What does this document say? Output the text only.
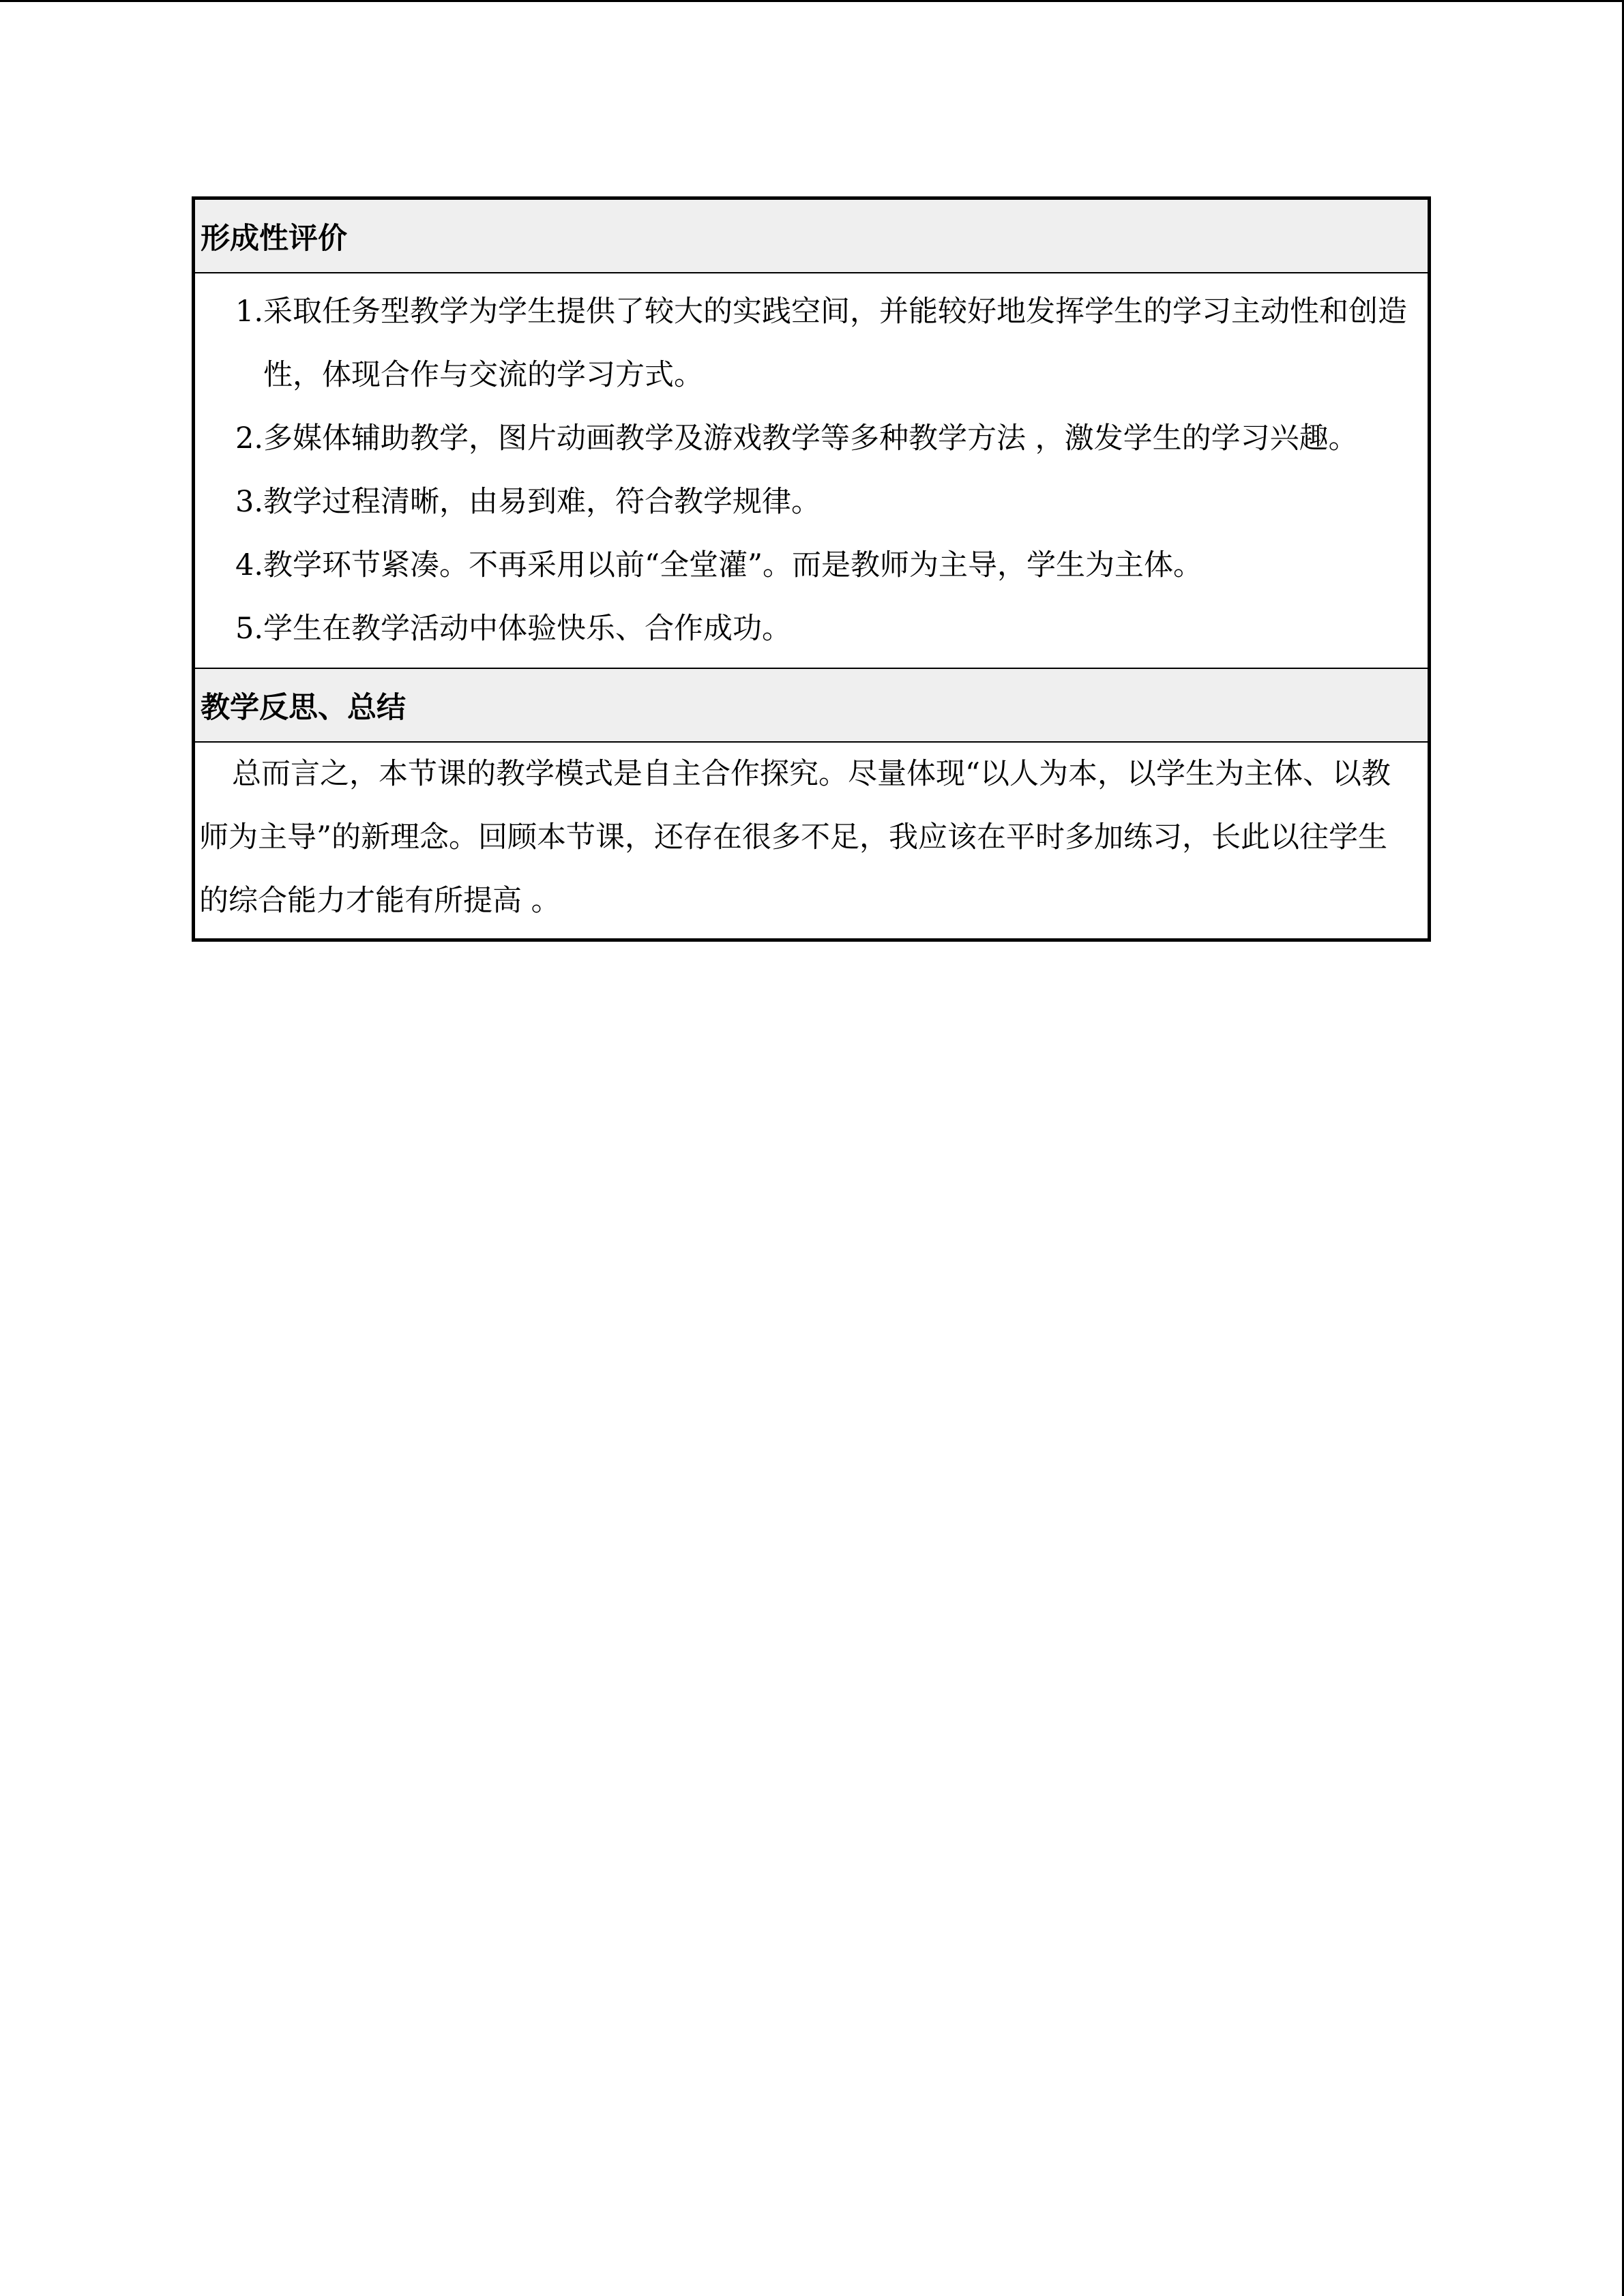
形成性评价
1. 采取任务型教学为学生提供了较大的实践空间，并能较好地发挥学生的学习主动性和创造性，体现合作与交流的学习方式。
2. 多媒体辅助教学，图片动画教学及游戏教学等多种教学方法 ，激发学生的学习兴趣。
3. 教学过程清晰，由易到难，符合教学规律。
4. 教学环节紧凑。不再采用以前“全堂灌”。而是教师为主导，学生为主体。
5. 学生在教学活动中体验快乐、合作成功。
教学反思、总结
总而言之，本节课的教学模式是自主合作探究。尽量体现“以人为本，以学生为主体、以教师为主导”的新理念。回顾本节课，还存在很多不足，我应该在平时多加练习，长此以往学生的综合能力才能有所提高 。
